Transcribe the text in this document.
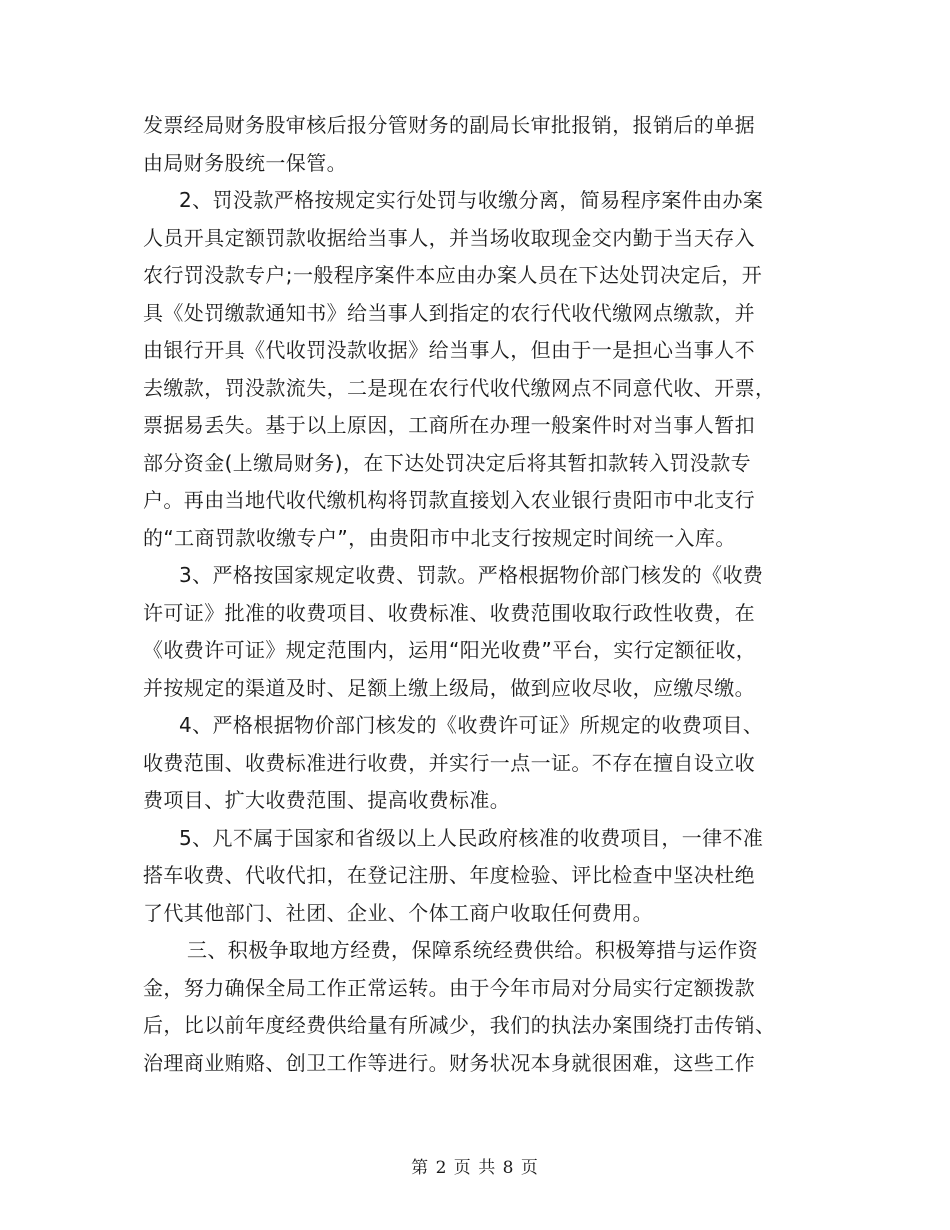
发票经局财务股审核后报分管财务的副局长审批报销，报销后的单据
由局财务股统一保管。
2、罚没款严格按规定实行处罚与收缴分离，简易程序案件由办案
人员开具定额罚款收据给当事人，并当场收取现金交内勤于当天存入
农行罚没款专户;一般程序案件本应由办案人员在下达处罚决定后，开
具《处罚缴款通知书》给当事人到指定的农行代收代缴网点缴款，并
由银行开具《代收罚没款收据》给当事人，但由于一是担心当事人不
去缴款，罚没款流失，二是现在农行代收代缴网点不同意代收、开票，
票据易丢失。基于以上原因，工商所在办理一般案件时对当事人暂扣
部分资金(上缴局财务)，在下达处罚决定后将其暂扣款转入罚没款专
户。再由当地代收代缴机构将罚款直接划入农业银行贵阳市中北支行
的“工商罚款收缴专户”，由贵阳市中北支行按规定时间统一入库。
3、严格按国家规定收费、罚款。严格根据物价部门核发的《收费
许可证》批准的收费项目、收费标准、收费范围收取行政性收费，在
《收费许可证》规定范围内，运用“阳光收费”平台，实行定额征收，
并按规定的渠道及时、足额上缴上级局，做到应收尽收，应缴尽缴。
4、严格根据物价部门核发的《收费许可证》所规定的收费项目、
收费范围、收费标准进行收费，并实行一点一证。不存在擅自设立收
费项目、扩大收费范围、提高收费标准。
5、凡不属于国家和省级以上人民政府核准的收费项目，一律不准
搭车收费、代收代扣，在登记注册、年度检验、评比检查中坚决杜绝
了代其他部门、社团、企业、个体工商户收取任何费用。
三、积极争取地方经费，保障系统经费供给。积极筹措与运作资
金，努力确保全局工作正常运转。由于今年市局对分局实行定额拨款
后，比以前年度经费供给量有所减少，我们的执法办案围绕打击传销、
治理商业贿赂、创卫工作等进行。财务状况本身就很困难，这些工作
第 2 页 共 8 页
